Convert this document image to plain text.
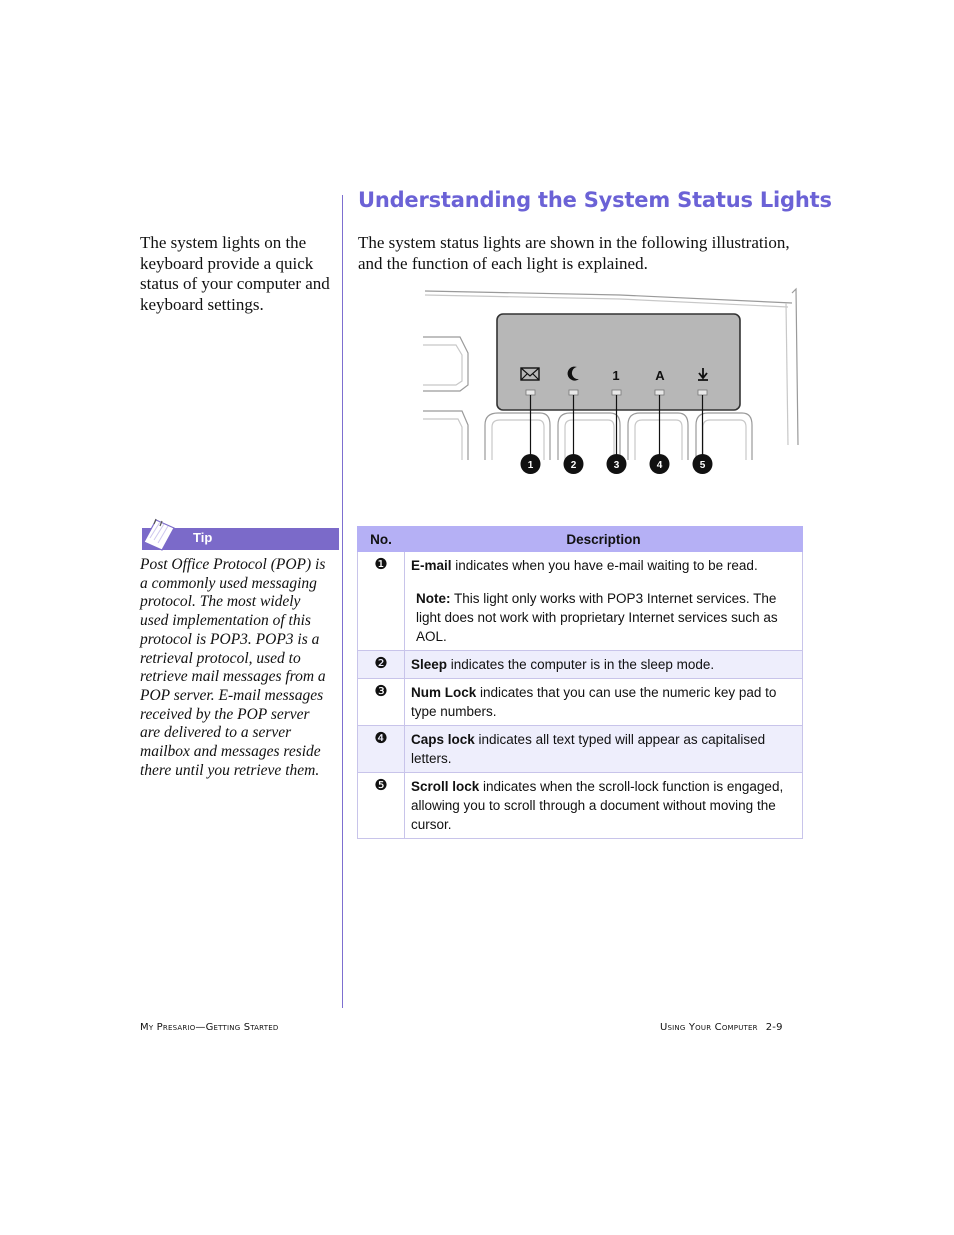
The system lights on the keyboard provide a quick status of your computer and keyboard settings.

Understanding the System Status Lights

The system status lights are shown in the following illustration, and the function of each light is explained.

1	A
1	2	3	4	5
Tip

Post Office Protocol (POP) is a commonly used messaging protocol. The most widely used implementation of this protocol is POP3. POP3 is a retrieval protocol, used to retrieve mail messages from a POP server. E-mail messages received by the POP server are delivered to a server mailbox and messages reside there until you retrieve them.

No.	Description
❶	E-mail indicates when you have e-mail waiting to be read.
Note: This light only works with POP3 Internet services. The light does not work with proprietary Internet services such as AOL.

❷	Sleep indicates the computer is in the sleep mode.
❸	Num Lock indicates that you can use the numeric key pad to type numbers.
❹	Caps lock indicates all text typed will appear as capitalised letters.
❺	Scroll lock indicates when the scroll-lock function is engaged, allowing you to scroll through a document without moving the cursor.
My Presario—Getting Started	Using Your Computer 2-9
